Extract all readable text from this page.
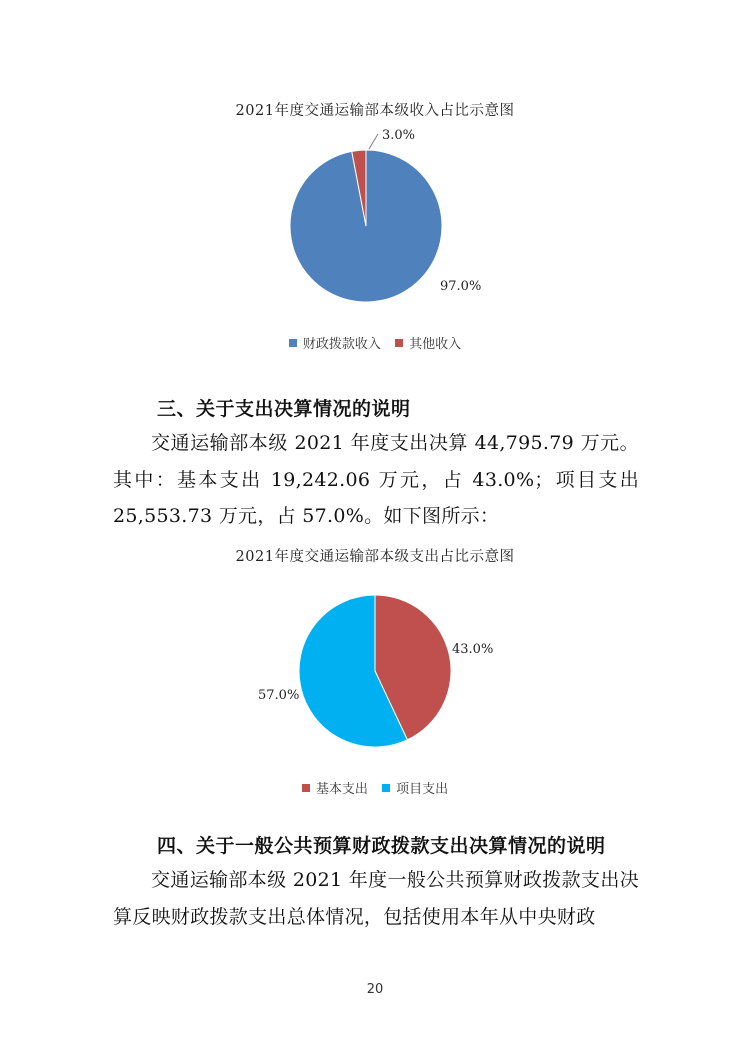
2021年度交通运输部本级收入占比示意图
3.0%
97.0%
财政拨款收入 其他收入
三、关于支出决算情况的说明
交通运输部本级 2021 年度支出决算 44,795.79 万元。其中：基本支出 19,242.06 万元，占 43.0%；项目支出 25,553.73 万元，占 57.0%。如下图所示：
2021年度交通运输部本级支出占比示意图
43.0%
57.0%
基本支出 项目支出
四、关于一般公共预算财政拨款支出决算情况的说明
交通运输部本级 2021 年度一般公共预算财政拨款支出决算反映财政拨款支出总体情况，包括使用本年从中央财政
20
